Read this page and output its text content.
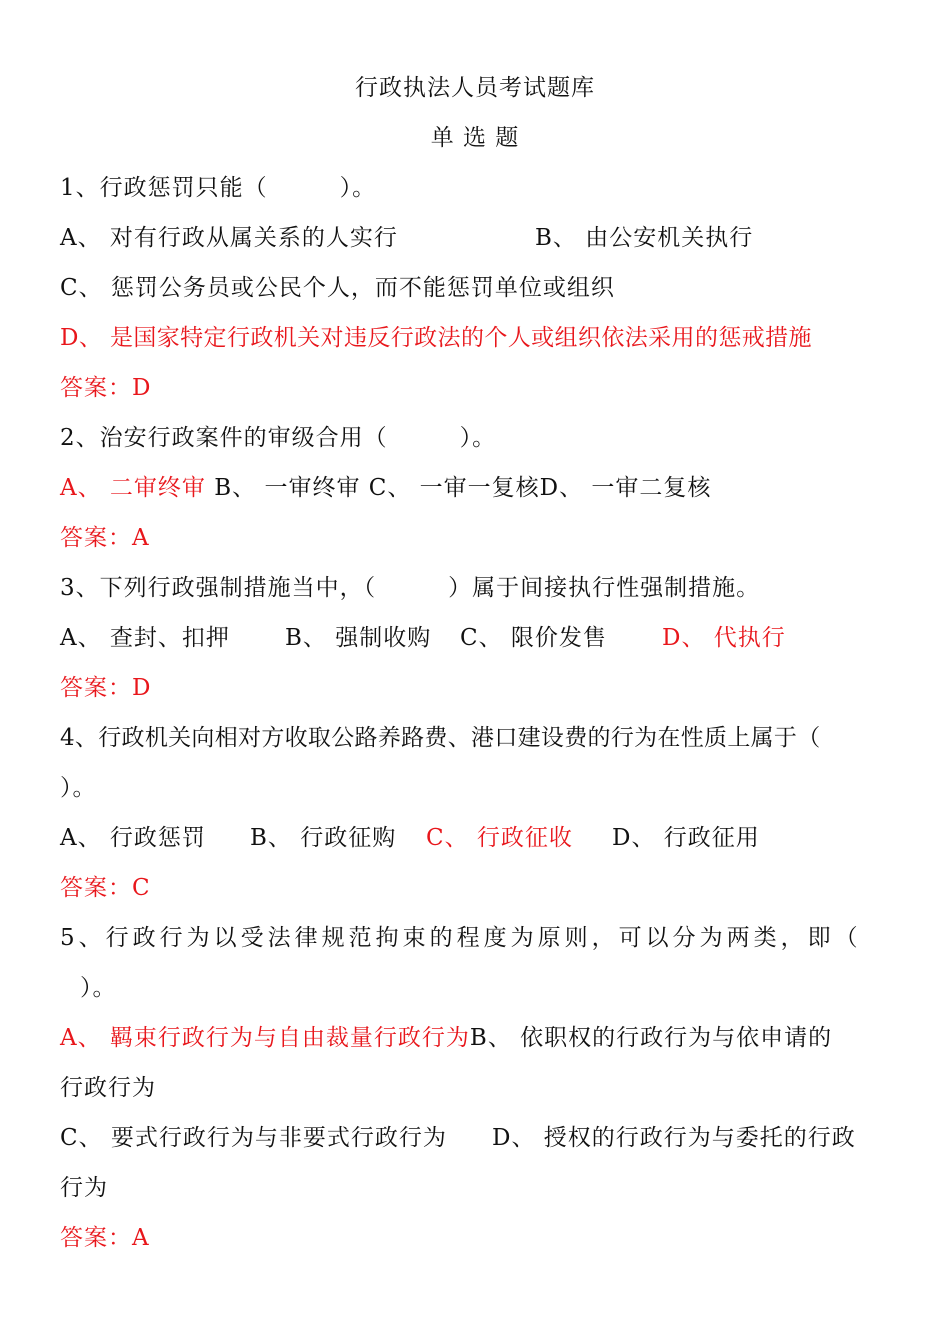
行政执法人员考试题库
单 选 题
1、行政惩罚只能（　　　）。
A、 对有行政从属关系的人实行	B、 由公安机关执行
C、 惩罚公务员或公民个人，而不能惩罚单位或组织
D、 是国家特定行政机关对违反行政法的个人或组织依法采用的惩戒措施
答案：D
2、治安行政案件的审级合用（　　　）。
A、 二审终审 B、 一审终审 C、 一审一复核D、 一审二复核
答案：A
3、下列行政强制措施当中，（　　　）属于间接执行性强制措施。
A、 查封、扣押 B、 强制收购 C、 限价发售 D、 代执行
答案：D
4、行政机关向相对方收取公路养路费、港口建设费的行为在性质上属于（
）。
A、 行政惩罚 B、 行政征购 C、 行政征收 D、 行政征用
答案：C
5、行政行为以受法律规范拘束的程度为原则，可以分为两类，即（
）。
A、 羁束行政行为与自由裁量行政行为B、 依职权的行政行为与依申请的
行政行为
C、 要式行政行为与非要式行政行为 D、 授权的行政行为与委托的行政
行为
答案：A
